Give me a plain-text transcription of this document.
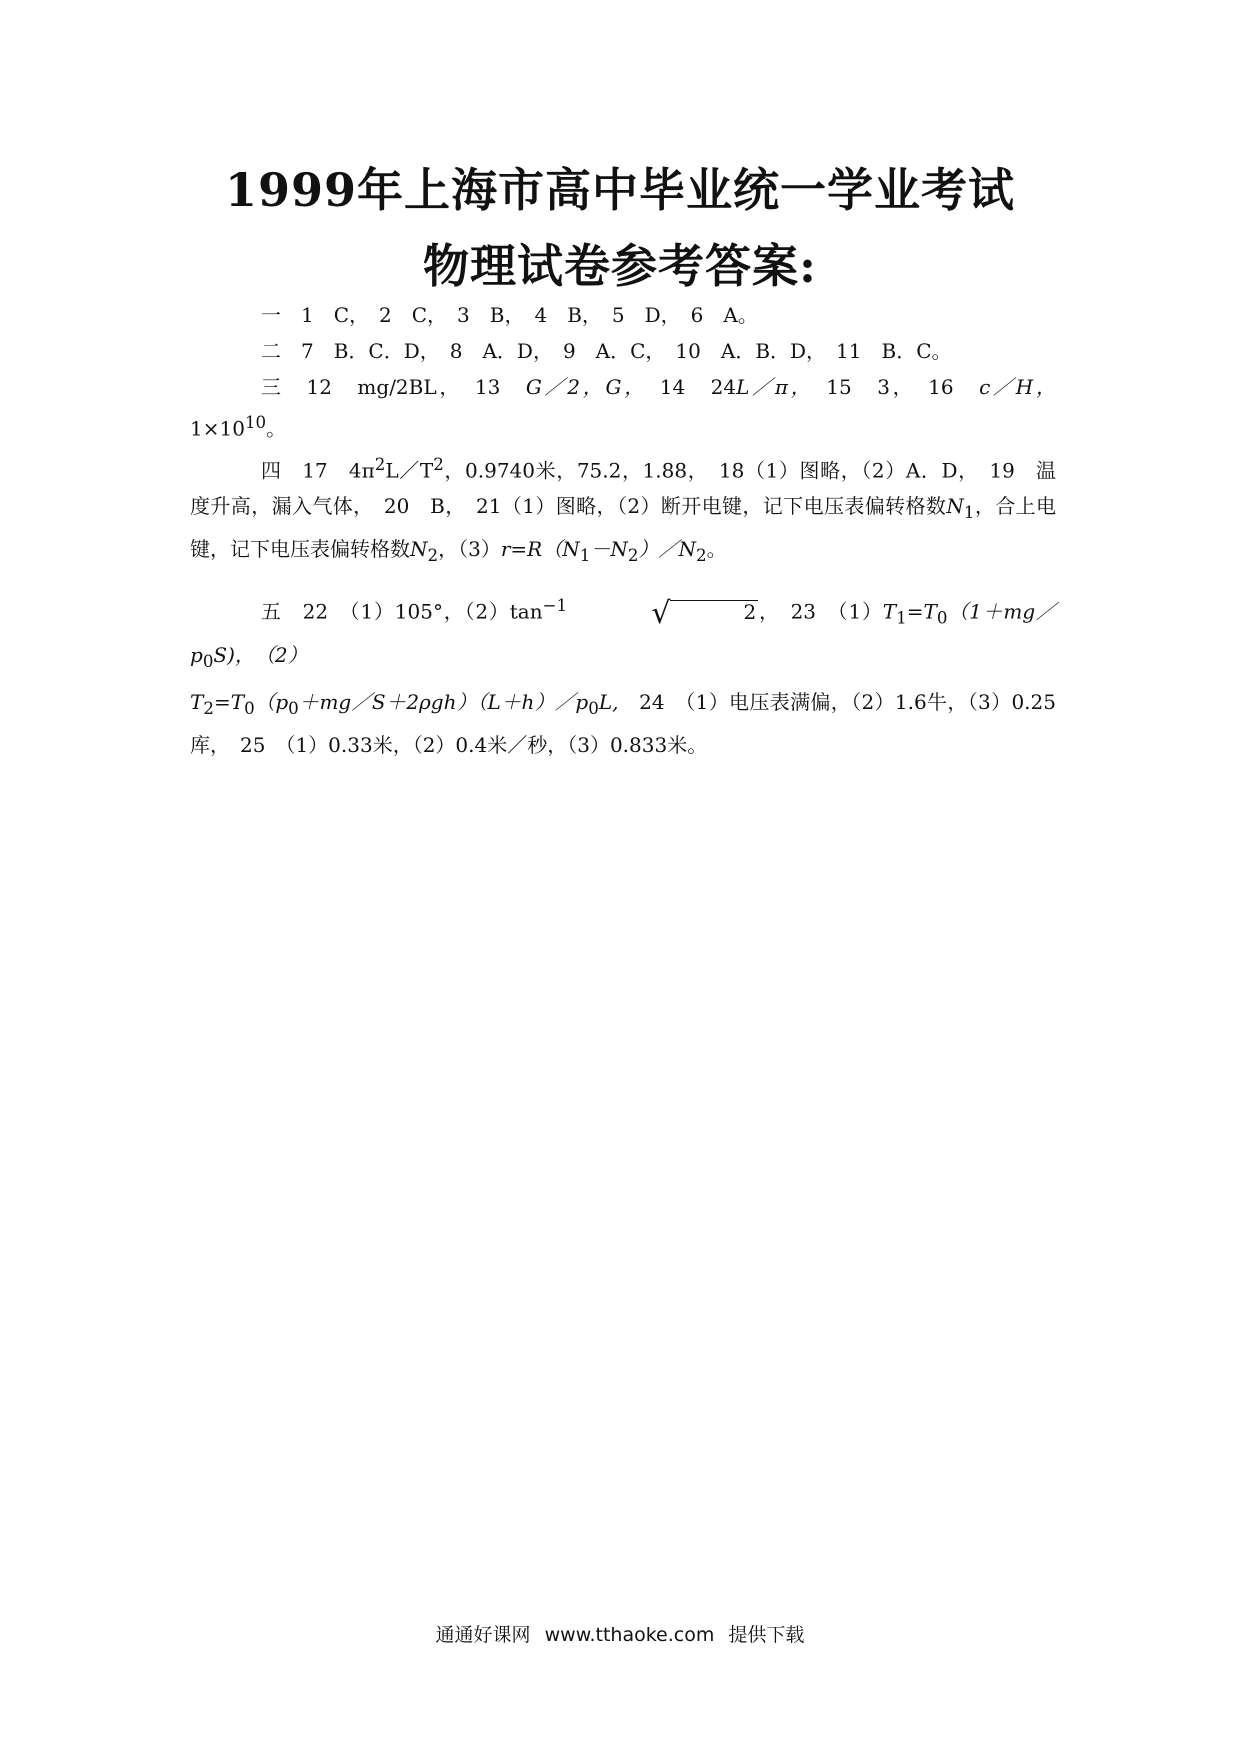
1999年上海市高中毕业统一学业考试
物理试卷参考答案:

一　1　C，　2　C，　3　B，　4　B，　5　D，　6　A。

二　7　B．C．D，　8　A．D，　9　A．C，　10　A．B．D，　11　B．C。

三　12　mg/2BL，　13　G／2，G，　14　24L／π，　15　3，　16　c／H，$1\times 10^{10}$。

四　17　$4\pi^2L/T^2$，0.9740米，75.2，1.88，　18（1）图略，（2）A．D，　19　温度升高，漏入气体，　20　B，　21（1）图略，（2）断开电键，记下电压表偏转格数$N_1$，合上电键，记下电压表偏转格数$N_2$，$(3)r=R(N_1-N_2)/N_2$。

五　22　（1）105°，$(2)\tan^{-1}$	√	2 ，　23　$(1)T_1=T_0(1+mg/p_0S)$，　（2）

$T_2=T_0(p_0+mg/S+2\rho gh)(L+h)/p_0L$,　24　（1）电压表满偏，（2）1.6牛，（3）0.25库，　25　（1）0.33米，（2）0.4米／秒，（3）0.833米。

通通好课网 www.tthaoke.com 提供下载
